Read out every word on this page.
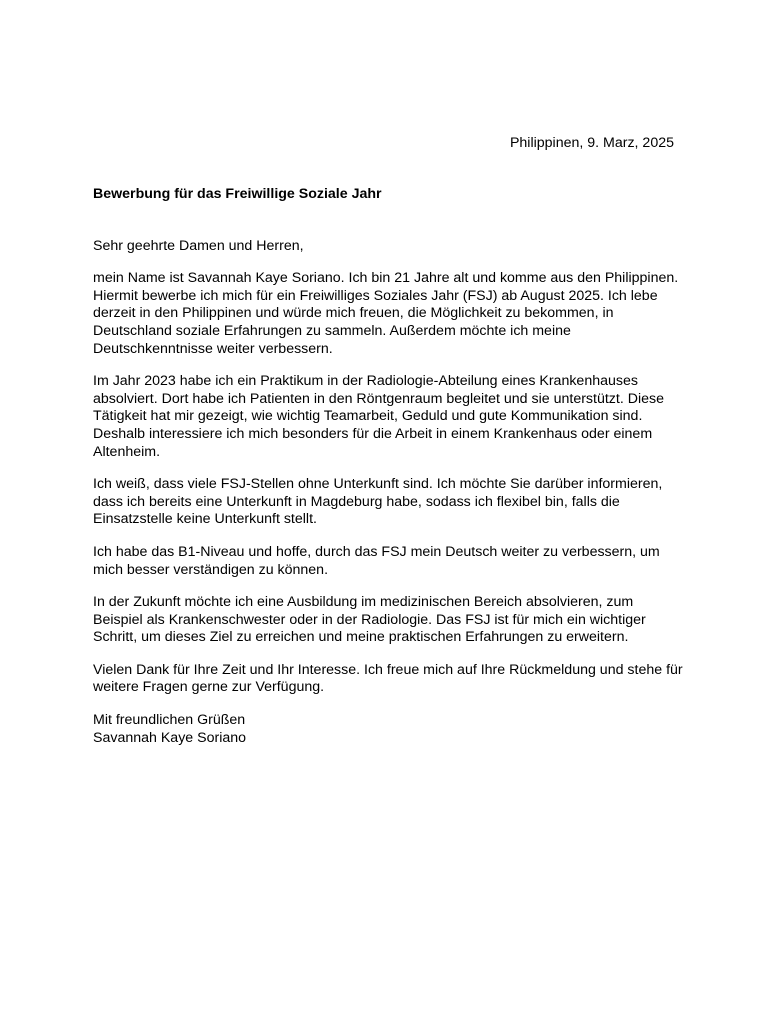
Philippinen, 9. Marz, 2025

Bewerbung für das Freiwillige Soziale Jahr

Sehr geehrte Damen und Herren,

mein Name ist Savannah Kaye Soriano. Ich bin 21 Jahre alt und komme aus den Philippinen. Hiermit bewerbe ich mich für ein Freiwilliges Soziales Jahr (FSJ) ab August 2025. Ich lebe derzeit in den Philippinen und würde mich freuen, die Möglichkeit zu bekommen, in Deutschland soziale Erfahrungen zu sammeln. Außerdem möchte ich meine Deutschkenntnisse weiter verbessern.

Im Jahr 2023 habe ich ein Praktikum in der Radiologie-Abteilung eines Krankenhauses absolviert. Dort habe ich Patienten in den Röntgenraum begleitet und sie unterstützt. Diese Tätigkeit hat mir gezeigt, wie wichtig Teamarbeit, Geduld und gute Kommunikation sind. Deshalb interessiere ich mich besonders für die Arbeit in einem Krankenhaus oder einem Altenheim.

Ich weiß, dass viele FSJ-Stellen ohne Unterkunft sind. Ich möchte Sie darüber informieren, dass ich bereits eine Unterkunft in Magdeburg habe, sodass ich flexibel bin, falls die Einsatzstelle keine Unterkunft stellt.

Ich habe das B1-Niveau und hoffe, durch das FSJ mein Deutsch weiter zu verbessern, um mich besser verständigen zu können.

In der Zukunft möchte ich eine Ausbildung im medizinischen Bereich absolvieren, zum Beispiel als Krankenschwester oder in der Radiologie. Das FSJ ist für mich ein wichtiger Schritt, um dieses Ziel zu erreichen und meine praktischen Erfahrungen zu erweitern.

Vielen Dank für Ihre Zeit und Ihr Interesse. Ich freue mich auf Ihre Rückmeldung und stehe für weitere Fragen gerne zur Verfügung.

Mit freundlichen Grüßen

Savannah Kaye Soriano
